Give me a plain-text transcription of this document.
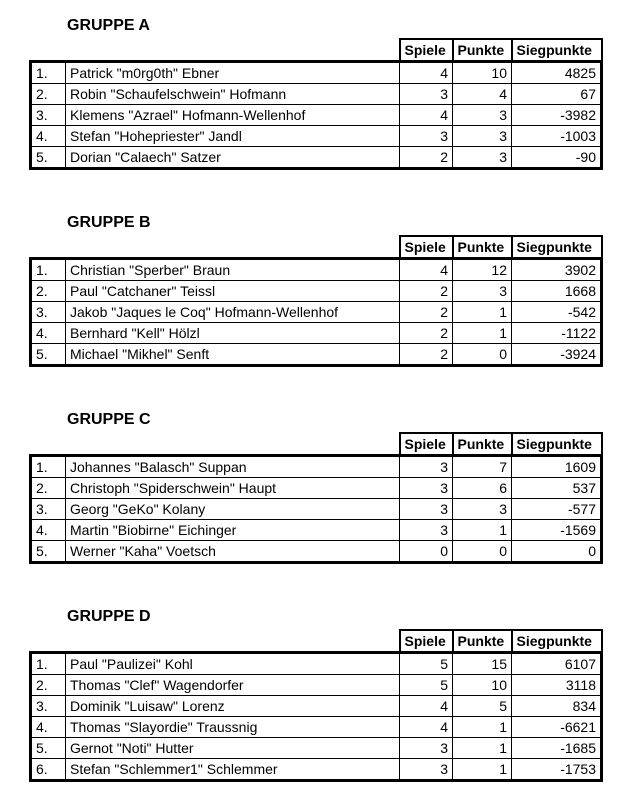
GRUPPE A
		Spiele	Punkte	Siegpunkte
1.	Patrick "m0rg0th" Ebner	4	10	4825
2.	Robin "Schaufelschwein" Hofmann	3	4	67
3.	Klemens "Azrael" Hofmann-Wellenhof	4	3	-3982
4.	Stefan "Hohepriester" Jandl	3	3	-1003
5.	Dorian "Calaech" Satzer	2	3	-90
GRUPPE B
		Spiele	Punkte	Siegpunkte
1.	Christian "Sperber" Braun	4	12	3902
2.	Paul "Catchaner" Teissl	2	3	1668
3.	Jakob "Jaques le Coq" Hofmann-Wellenhof	2	1	-542
4.	Bernhard "Kell" Hölzl	2	1	-1122
5.	Michael "Mikhel" Senft	2	0	-3924
GRUPPE C
		Spiele	Punkte	Siegpunkte
1.	Johannes "Balasch" Suppan	3	7	1609
2.	Christoph "Spiderschwein" Haupt	3	6	537
3.	Georg "GeKo" Kolany	3	3	-577
4.	Martin "Biobirne" Eichinger	3	1	-1569
5.	Werner "Kaha" Voetsch	0	0	0
GRUPPE D
		Spiele	Punkte	Siegpunkte
1.	Paul "Paulizei" Kohl	5	15	6107
2.	Thomas "Clef" Wagendorfer	5	10	3118
3.	Dominik "Luisaw" Lorenz	4	5	834
4.	Thomas "Slayordie" Traussnig	4	1	-6621
5.	Gernot "Noti" Hutter	3	1	-1685
6.	Stefan "Schlemmer1" Schlemmer	3	1	-1753
